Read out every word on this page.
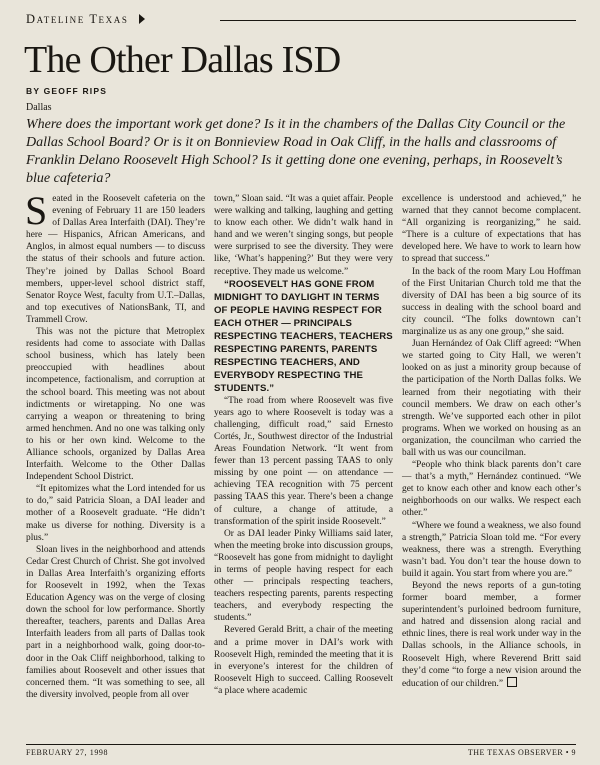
Dateline Texas
The Other Dallas ISD
BY GEOFF RIPS
Dallas

Where does the important work get done? Is it in the chambers of the Dallas City Council or the Dallas School Board? Or is it on Bonnieview Road in Oak Cliff, in the halls and classrooms of Franklin Delano Roosevelt High School? Is it getting done one evening, perhaps, in Roosevelt’s blue cafeteria?

Seated in the Roosevelt cafeteria on the evening of February 11 are 150 leaders of Dallas Area Interfaith (DAI). They’re here — Hispanics, African Americans, and Anglos, in almost equal numbers — to discuss the status of their schools and future action. They’re joined by Dallas School Board members, upper-level school district staff, Senator Royce West, faculty from U.T.–Dallas, and top executives of NationsBank, TI, and Trammell Crow.

This was not the picture that Metroplex residents had come to associate with Dallas school business, which has lately been preoccupied with headlines about incompetence, factionalism, and corruption at the school board. This meeting was not about indictments or wiretapping. No one was carrying a weapon or threatening to bring armed henchmen. And no one was talking only to his or her own kind. Welcome to the Alliance schools, organized by Dallas Area Interfaith. Welcome to the Other Dallas Independent School District.

“It epitomizes what the Lord intended for us to do,” said Patricia Sloan, a DAI leader and mother of a Roosevelt graduate. “He didn’t make us diverse for nothing. Diversity is a plus.”

Sloan lives in the neighborhood and attends Cedar Crest Church of Christ. She got involved in Dallas Area Interfaith’s organizing efforts for Roosevelt in 1992, when the Texas Education Agency was on the verge of closing down the school for low performance. Shortly thereafter, teachers, parents and Dallas Area Interfaith leaders from all parts of Dallas took part in a neighborhood walk, going door-to-door in the Oak Cliff neighborhood, talking to families about Roosevelt and other issues that concerned them. “It was something to see, all the diversity involved, people from all over

town,” Sloan said. “It was a quiet affair. People were walking and talking, laughing and getting to know each other. We didn’t walk hand in hand and we weren’t singing songs, but people were surprised to see the diversity. They were like, ‘What’s happening?’ But they were very receptive. They made us welcome.”

“ROOSEVELT HAS GONE FROM MIDNIGHT TO DAYLIGHT IN TERMS OF PEOPLE HAVING RESPECT FOR EACH OTHER — PRINCIPALS RESPECTING TEACHERS, TEACHERS RESPECTING PARENTS, PARENTS RESPECTING TEACHERS, AND EVERYBODY RESPECTING THE STUDENTS.”

“The road from where Roosevelt was five years ago to where Roosevelt is today was a challenging, difficult road,” said Ernesto Cortés, Jr., Southwest director of the Industrial Areas Foundation Network. “It went from fewer than 13 percent passing TAAS to only missing by one point — on attendance — achieving TEA recognition with 75 percent passing TAAS this year. There’s been a change of culture, a change of attitude, a transformation of the spirit inside Roosevelt.”

Or as DAI leader Pinky Williams said later, when the meeting broke into discussion groups, “Roosevelt has gone from midnight to daylight in terms of people having respect for each other — principals respecting teachers, teachers respecting parents, parents respecting teachers, and everybody respecting the students.”

Revered Gerald Britt, a chair of the meeting and a prime mover in DAI’s work with Roosevelt High, reminded the meeting that it is in everyone’s interest for the children of Roosevelt High to succeed. Calling Roosevelt “a place where academic

excellence is understood and achieved,” he warned that they cannot become complacent. “All organizing is reorganizing,” he said. “There is a culture of expectations that has developed here. We have to work to learn how to spread that success.”

In the back of the room Mary Lou Hoffman of the First Unitarian Church told me that the diversity of DAI has been a big source of its success in dealing with the school board and city council. “The folks downtown can’t marginalize us as any one group,” she said.

Juan Hernández of Oak Cliff agreed: “When we started going to City Hall, we weren’t looked on as just a minority group because of the participation of the North Dallas folks. We learned from their negotiating with their council members. We draw on each other’s strength. We’ve supported each other in pilot programs. When we worked on housing as an organization, the councilman who carried the ball with us was our councilman.

“People who think black parents don’t care — that’s a myth,” Hernández continued. “We get to know each other and know each other’s neighborhoods on our walks. We respect each other.”

“Where we found a weakness, we also found a strength,” Patricia Sloan told me. “For every weakness, there was a strength. Everything wasn’t bad. You don’t tear the house down to build it again. You start from where you are.”

Beyond the news reports of a gun-toting former board member, a former superintendent’s purloined bedroom furniture, and hatred and dissension along racial and ethnic lines, there is real work under way in the Dallas schools, in the Alliance schools, in Roosevelt High, where Reverend Britt said they’d come “to forge a new vision around the education of our children.”

FEBRUARY 27, 1998	THE TEXAS OBSERVER • 9
